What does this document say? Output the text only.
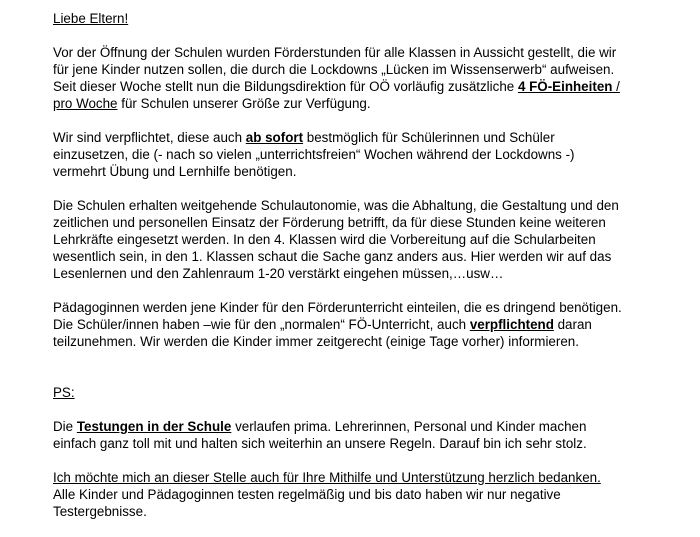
Liebe Eltern!

Vor der Öffnung der Schulen wurden Förderstunden für alle Klassen in Aussicht gestellt, die wir
für jene Kinder nutzen sollen, die durch die Lockdowns „Lücken im Wissenserwerb“ aufweisen.
Seit dieser Woche stellt nun die Bildungsdirektion für OÖ vorläufig zusätzliche 4 FÖ-Einheiten /
pro Woche für Schulen unserer Größe zur Verfügung.

Wir sind verpflichtet, diese auch ab sofort bestmöglich für Schülerinnen und Schüler
einzusetzen, die (- nach so vielen „unterrichtsfreien“ Wochen während der Lockdowns -)
vermehrt Übung und Lernhilfe benötigen.

Die Schulen erhalten weitgehende Schulautonomie, was die Abhaltung, die Gestaltung und den
zeitlichen und personellen Einsatz der Förderung betrifft, da für diese Stunden keine weiteren
Lehrkräfte eingesetzt werden. In den 4. Klassen wird die Vorbereitung auf die Schularbeiten
wesentlich sein, in den 1. Klassen schaut die Sache ganz anders aus. Hier werden wir auf das
Lesenlernen und den Zahlenraum 1-20 verstärkt eingehen müssen,…usw…

Pädagoginnen werden jene Kinder für den Förderunterricht einteilen, die es dringend benötigen.
Die Schüler/innen haben –wie für den „normalen“ FÖ-Unterricht, auch verpflichtend daran
teilzunehmen. Wir werden die Kinder immer zeitgerecht (einige Tage vorher) informieren.

PS:

Die Testungen in der Schule verlaufen prima. Lehrerinnen, Personal und Kinder machen
einfach ganz toll mit und halten sich weiterhin an unsere Regeln. Darauf bin ich sehr stolz.

Ich möchte mich an dieser Stelle auch für Ihre Mithilfe und Unterstützung herzlich bedanken.
Alle Kinder und Pädagoginnen testen regelmäßig und bis dato haben wir nur negative
Testergebnisse.
